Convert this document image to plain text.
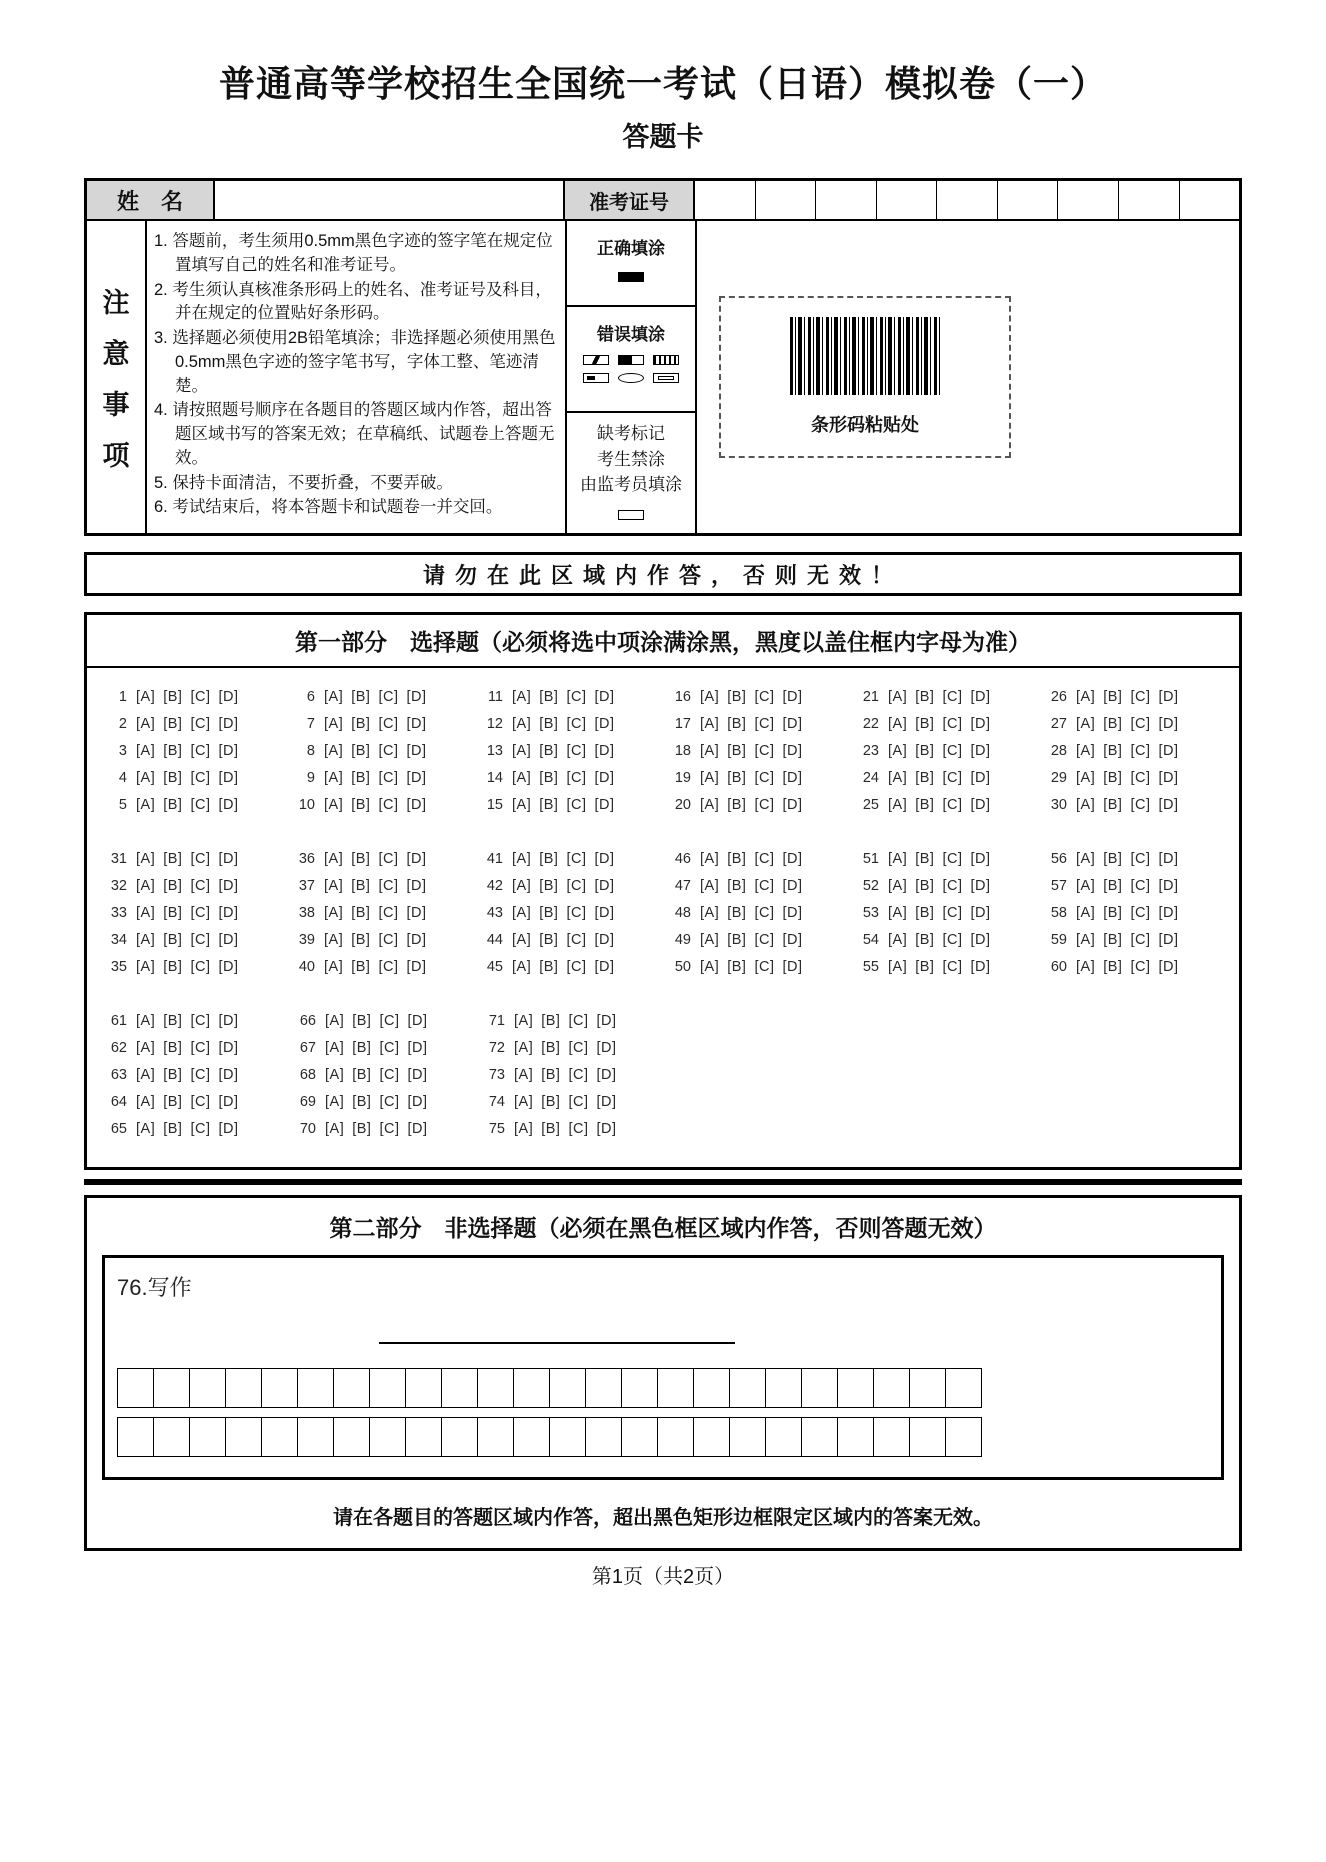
普通高等学校招生全国统一考试（日语）模拟卷（一）
答题卡
姓　名	准考证号
注
意
事
项
1. 答题前，考生须用0.5mm黑色字迹的签字笔在规定位置填写自己的姓名和准考证号。
2. 考生须认真核准条形码上的姓名、准考证号及科目，并在规定的位置贴好条形码。
3. 选择题必须使用2B铅笔填涂；非选择题必须使用黑色0.5mm黑色字迹的签字笔书写，字体工整、笔迹清楚。
4. 请按照题号顺序在各题目的答题区域内作答，超出答题区域书写的答案无效；在草稿纸、试题卷上答题无效。
5. 保持卡面清洁，不要折叠，不要弄破。
6. 考试结束后，将本答题卡和试题卷一并交回。
正确填涂
错误填涂
缺考标记
考生禁涂
由监考员填涂
条形码粘贴处
请勿在此区域内作答，否则无效！
第一部分　选择题（必须将选中项涂满涂黑，黑度以盖住框内字母为准）
1 [A] [B] [C] [D]
2 [A] [B] [C] [D]
3 [A] [B] [C] [D]
4 [A] [B] [C] [D]
5 [A] [B] [C] [D]
6 [A] [B] [C] [D]
7 [A] [B] [C] [D]
8 [A] [B] [C] [D]
9 [A] [B] [C] [D]
10 [A] [B] [C] [D]
11 [A] [B] [C] [D]
12 [A] [B] [C] [D]
13 [A] [B] [C] [D]
14 [A] [B] [C] [D]
15 [A] [B] [C] [D]
16 [A] [B] [C] [D]
17 [A] [B] [C] [D]
18 [A] [B] [C] [D]
19 [A] [B] [C] [D]
20 [A] [B] [C] [D]
21 [A] [B] [C] [D]
22 [A] [B] [C] [D]
23 [A] [B] [C] [D]
24 [A] [B] [C] [D]
25 [A] [B] [C] [D]
26 [A] [B] [C] [D]
27 [A] [B] [C] [D]
28 [A] [B] [C] [D]
29 [A] [B] [C] [D]
30 [A] [B] [C] [D]
31 [A] [B] [C] [D]
32 [A] [B] [C] [D]
33 [A] [B] [C] [D]
34 [A] [B] [C] [D]
35 [A] [B] [C] [D]
36 [A] [B] [C] [D]
37 [A] [B] [C] [D]
38 [A] [B] [C] [D]
39 [A] [B] [C] [D]
40 [A] [B] [C] [D]
41 [A] [B] [C] [D]
42 [A] [B] [C] [D]
43 [A] [B] [C] [D]
44 [A] [B] [C] [D]
45 [A] [B] [C] [D]
46 [A] [B] [C] [D]
47 [A] [B] [C] [D]
48 [A] [B] [C] [D]
49 [A] [B] [C] [D]
50 [A] [B] [C] [D]
51 [A] [B] [C] [D]
52 [A] [B] [C] [D]
53 [A] [B] [C] [D]
54 [A] [B] [C] [D]
55 [A] [B] [C] [D]
56 [A] [B] [C] [D]
57 [A] [B] [C] [D]
58 [A] [B] [C] [D]
59 [A] [B] [C] [D]
60 [A] [B] [C] [D]
61 [A] [B] [C] [D]
62 [A] [B] [C] [D]
63 [A] [B] [C] [D]
64 [A] [B] [C] [D]
65 [A] [B] [C] [D]
66 [A] [B] [C] [D]
67 [A] [B] [C] [D]
68 [A] [B] [C] [D]
69 [A] [B] [C] [D]
70 [A] [B] [C] [D]
71 [A] [B] [C] [D]
72 [A] [B] [C] [D]
73 [A] [B] [C] [D]
74 [A] [B] [C] [D]
75 [A] [B] [C] [D]
第二部分　非选择题（必须在黑色框区域内作答，否则答题无效）
76.写作
请在各题目的答题区域内作答，超出黑色矩形边框限定区域内的答案无效。
第1页（共2页）
